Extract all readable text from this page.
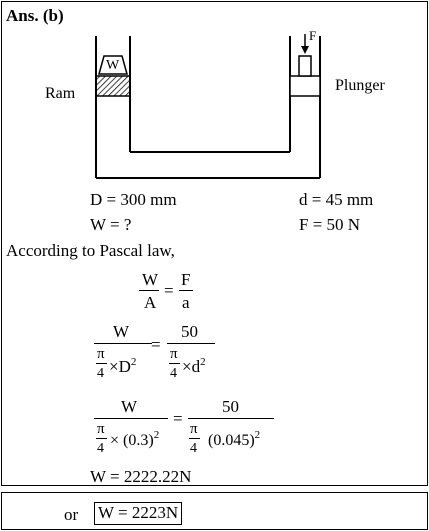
Ans. (b)
W
F
Ram	Plunger
D = 300 mm
W = ?
d = 45 mm
F = 50 N
According to Pascal law,
W
A
=
F
a
W
π
$4 \times D^2$
=
50
π
$4 \times d^2$
W
π
$4 \times (0.3)^2$
=
50
π
4 $(0.045)^2$
W = 2222.22N
or W = 2223N
